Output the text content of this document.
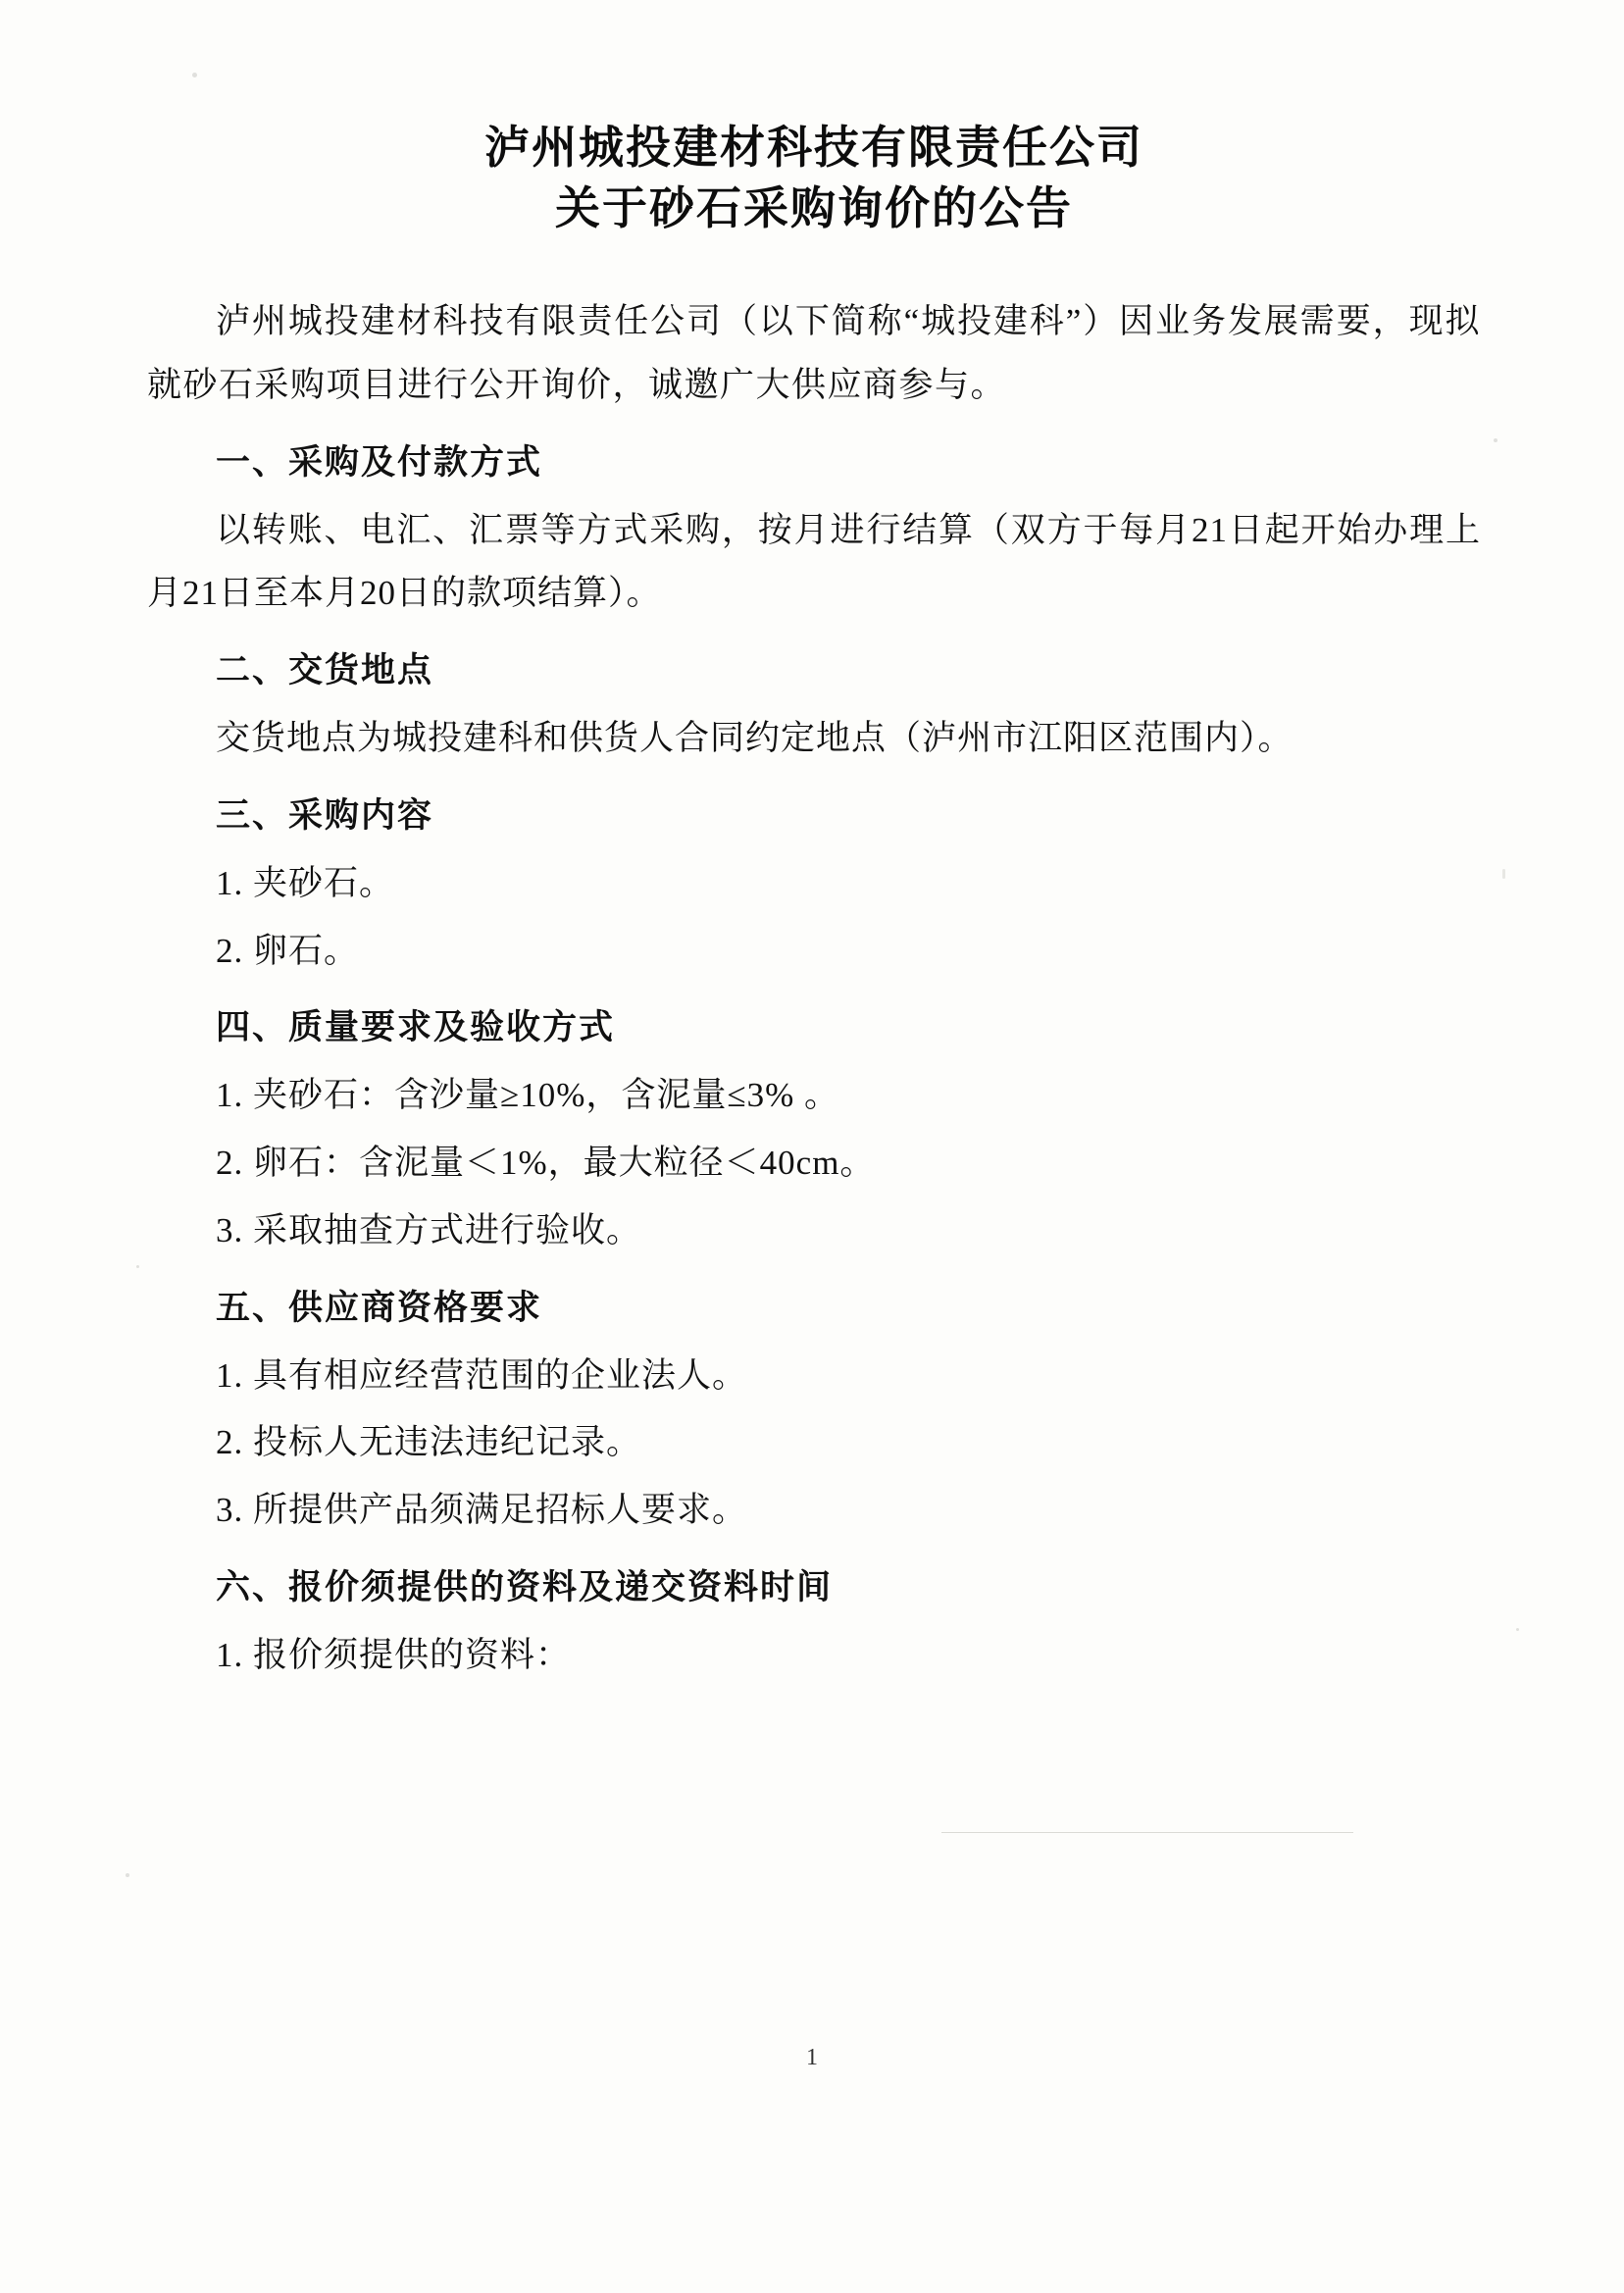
泸州城投建材科技有限责任公司
关于砂石采购询价的公告

泸州城投建材科技有限责任公司（以下简称“城投建科”）因业务发展需要，现拟就砂石采购项目进行公开询价，诚邀广大供应商参与。

一、采购及付款方式

以转账、电汇、汇票等方式采购，按月进行结算（双方于每月21日起开始办理上月21日至本月20日的款项结算）。

二、交货地点

交货地点为城投建科和供货人合同约定地点（泸州市江阳区范围内）。

三、采购内容

1. 夹砂石。

2. 卵石。

四、质量要求及验收方式

1. 夹砂石：含沙量≥10%，含泥量≤3% 。

2. 卵石：含泥量＜1%，最大粒径＜40cm。

3. 采取抽查方式进行验收。

五、供应商资格要求

1. 具有相应经营范围的企业法人。

2. 投标人无违法违纪记录。

3. 所提供产品须满足招标人要求。

六、报价须提供的资料及递交资料时间

1. 报价须提供的资料：

1
